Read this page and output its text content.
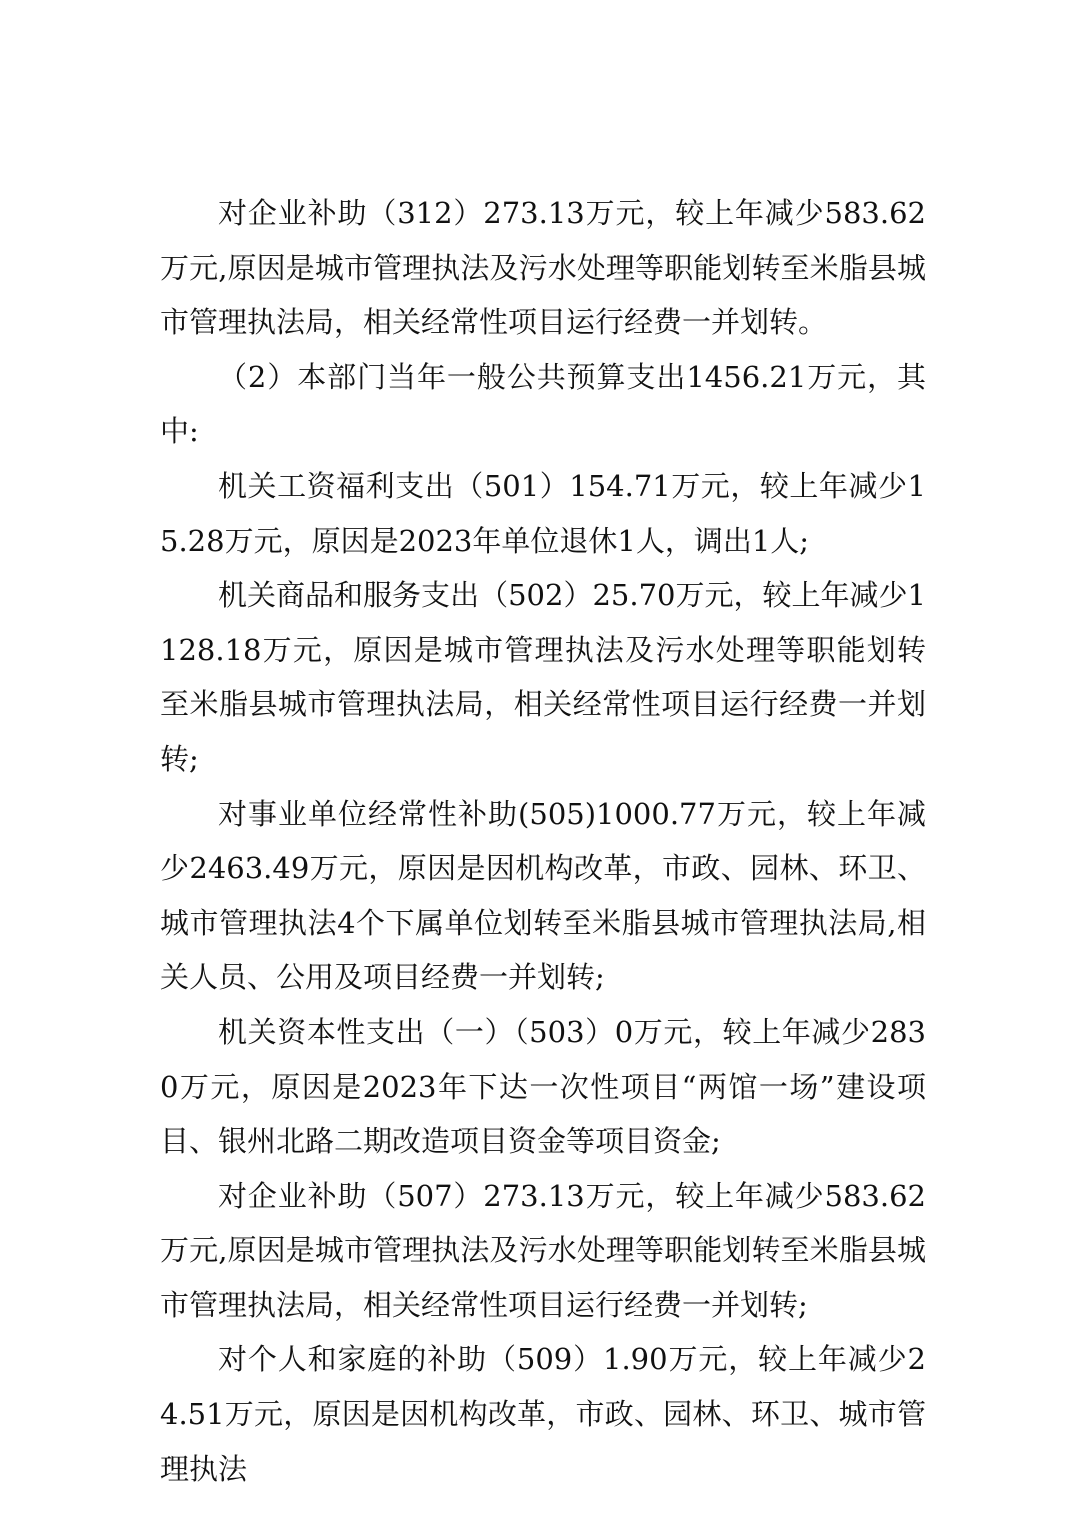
对企业补助（312）273.13万元，较上年减少583.62万元,原因是城市管理执法及污水处理等职能划转至米脂县城市管理执法局，相关经常性项目运行经费一并划转。

（2）本部门当年一般公共预算支出1456.21万元，其中:

机关工资福利支出（501）154.71万元，较上年减少15.28万元，原因是2023年单位退休1人，调出1人;

机关商品和服务支出（502）25.70万元，较上年减少1128.18万元，原因是城市管理执法及污水处理等职能划转至米脂县城市管理执法局，相关经常性项目运行经费一并划转;

对事业单位经常性补助(505)1000.77万元，较上年减少2463.49万元，原因是因机构改革，市政、园林、环卫、城市管理执法4个下属单位划转至米脂县城市管理执法局,相关人员、公用及项目经费一并划转;

机关资本性支出（一）（503）0万元，较上年减少2830万元，原因是2023年下达一次性项目“两馆一场”建设项目、银州北路二期改造项目资金等项目资金;

对企业补助（507）273.13万元，较上年减少583.62万元,原因是城市管理执法及污水处理等职能划转至米脂县城市管理执法局，相关经常性项目运行经费一并划转;

对个人和家庭的补助（509）1.90万元，较上年减少24.51万元，原因是因机构改革，市政、园林、环卫、城市管理执法
